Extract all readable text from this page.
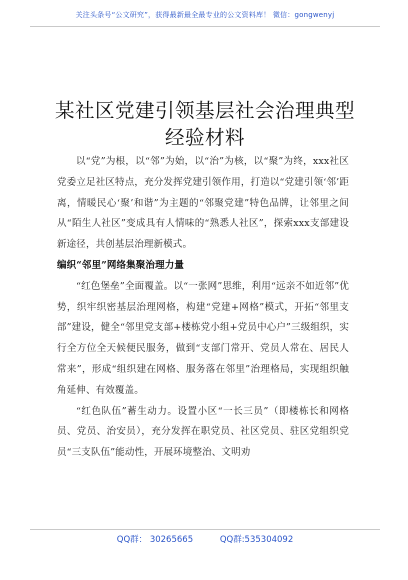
关注头条号“公文研究”，获得最新最全最专业的公文资料库！ 微信：gongwenyj
某社区党建引领基层社会治理典型
经验材料

以“党”为根，以“邻”为始，以“治”为核，以“聚”为终，xxx社区党委立足社区特点，充分发挥党建引领作用，打造以“党建引领‘邻’距离，情暖民心‘聚’和谐”为主题的“邻聚党建”特色品牌，让邻里之间从“陌生人社区”变成具有人情味的“熟悉人社区”，探索xxx支部建设新途径，共创基层治理新模式。

编织“邻里”网络集聚治理力量

“红色堡垒”全面覆盖。以“一张网”思维，利用“远亲不如近邻”优势，织牢织密基层治理网格，构建“党建+网格”模式，开拓“邻里支部”建设，健全“邻里党支部+楼栋党小组+党员中心户”三级组织，实行全方位全天候便民服务，做到“支部门常开、党员人常在、居民人常来”，形成“组织建在网格、服务落在邻里”治理格局，实现组织触角延伸、有效覆盖。

“红色队伍”蓄生动力。设置小区“一长三员”（即楼栋长和网格员、党员、治安员），充分发挥在职党员、社区党员、驻区党组织党员“三支队伍”能动性，开展环境整治、文明劝

QQ群： 30265665	QQ群:535304092
